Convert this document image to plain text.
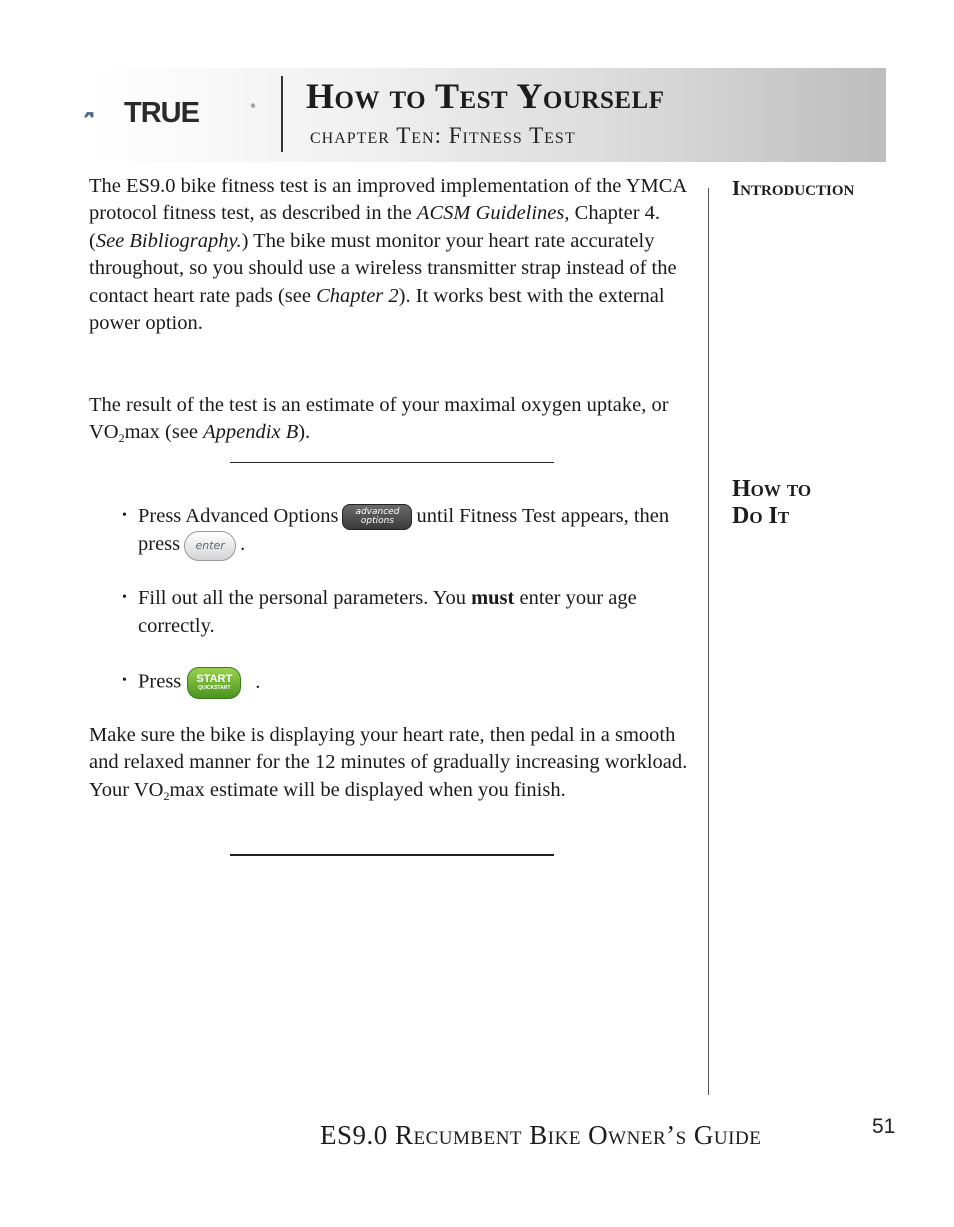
TRUE	® How to Test Yourself
chapter Ten: Fitness Test
Introduction
How to
Do It
The ES9.0 bike fitness test is an improved implementation of the YMCA protocol fitness test, as described in the ACSM Guidelines, Chapter 4. (See Bibliography.) The bike must monitor your heart rate accurately throughout, so you should use a wireless transmitter strap instead of the contact heart rate pads (see Chapter 2). It works best with the external power option.
The result of the test is an estimate of your maximal oxygen uptake, or $VO_2\max$ (see Appendix B).
• Press Advanced Options advanced
options until Fitness Test appears, then press enter .
• Fill out all the personal parameters. You must enter your age correctly.
• Press	START
QUICKSTART	.
Make sure the bike is displaying your heart rate, then pedal in a smooth and relaxed manner for the 12 minutes of gradually increasing workload. Your $VO_2\max$ estimate will be displayed when you finish.
ES9.0 Recumbent Bike Owner’s Guide	51
